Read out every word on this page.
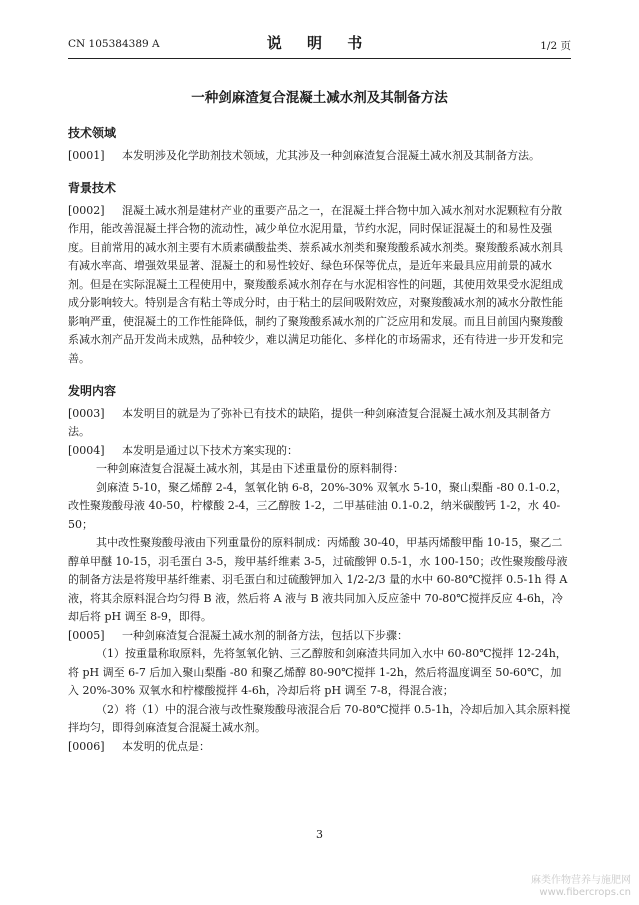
CN 105384389 A	说 明 书	1/2 页
一种剑麻渣复合混凝土减水剂及其制备方法
技术领域

[0001] 本发明涉及化学助剂技术领域，尤其涉及一种剑麻渣复合混凝土减水剂及其制备方法。

背景技术

[0002] 混凝土减水剂是建材产业的重要产品之一，在混凝土拌合物中加入减水剂对水泥颗粒有分散作用，能改善混凝土拌合物的流动性，减少单位水泥用量，节约水泥，同时保证混凝土的和易性及强度。目前常用的减水剂主要有木质素磺酸盐类、萘系减水剂类和聚羧酸系减水剂类。聚羧酸系减水剂具有减水率高、增强效果显著、混凝土的和易性较好、绿色环保等优点，是近年来最具应用前景的减水剂。但是在实际混凝土工程使用中，聚羧酸系减水剂存在与水泥相容性的问题，其使用效果受水泥组成成分影响较大。特别是含有粘土等成分时，由于粘土的层间吸附效应，对聚羧酸减水剂的减水分散性能影响严重，使混凝土的工作性能降低，制约了聚羧酸系减水剂的广泛应用和发展。而且目前国内聚羧酸系减水剂产品开发尚未成熟，品种较少，难以满足功能化、多样化的市场需求，还有待进一步开发和完善。

发明内容

[0003] 本发明目的就是为了弥补已有技术的缺陷，提供一种剑麻渣复合混凝土减水剂及其制备方法。

[0004] 本发明是通过以下技术方案实现的：

一种剑麻渣复合混凝土减水剂，其是由下述重量份的原料制得：

剑麻渣 5-10，聚乙烯醇 2-4，氢氧化钠 6-8，20%-30% 双氧水 5-10，聚山梨酯 -80 0.1-0.2，改性聚羧酸母液 40-50，柠檬酸 2-4，三乙醇胺 1-2，二甲基硅油 0.1-0.2，纳米碳酸钙 1-2，水 40-50；

其中改性聚羧酸母液由下列重量份的原料制成：丙烯酸 30-40，甲基丙烯酸甲酯 10-15，聚乙二醇单甲醚 10-15，羽毛蛋白 3-5，羧甲基纤维素 3-5，过硫酸钾 0.5-1，水 100-150；改性聚羧酸母液的制备方法是将羧甲基纤维素、羽毛蛋白和过硫酸钾加入 1/2-2/3 量的水中 60-80℃搅拌 0.5-1h 得 A 液，将其余原料混合均匀得 B 液，然后将 A 液与 B 液共同加入反应釜中 70-80℃搅拌反应 4-6h，冷却后将 pH 调至 8-9，即得。

[0005] 一种剑麻渣复合混凝土减水剂的制备方法，包括以下步骤：

（1）按重量称取原料，先将氢氧化钠、三乙醇胺和剑麻渣共同加入水中 60-80℃搅拌 12-24h，将 pH 调至 6-7 后加入聚山梨酯 -80 和聚乙烯醇 80-90℃搅拌 1-2h，然后将温度调至 50-60℃，加入 20%-30% 双氧水和柠檬酸搅拌 4-6h，冷却后将 pH 调至 7-8，得混合液；

（2）将（1）中的混合液与改性聚羧酸母液混合后 70-80℃搅拌 0.5-1h，冷却后加入其余原料搅拌均匀，即得剑麻渣复合混凝土减水剂。

[0006] 本发明的优点是：

3
麻类作物营养与施肥网
www.fibercrops.cn
